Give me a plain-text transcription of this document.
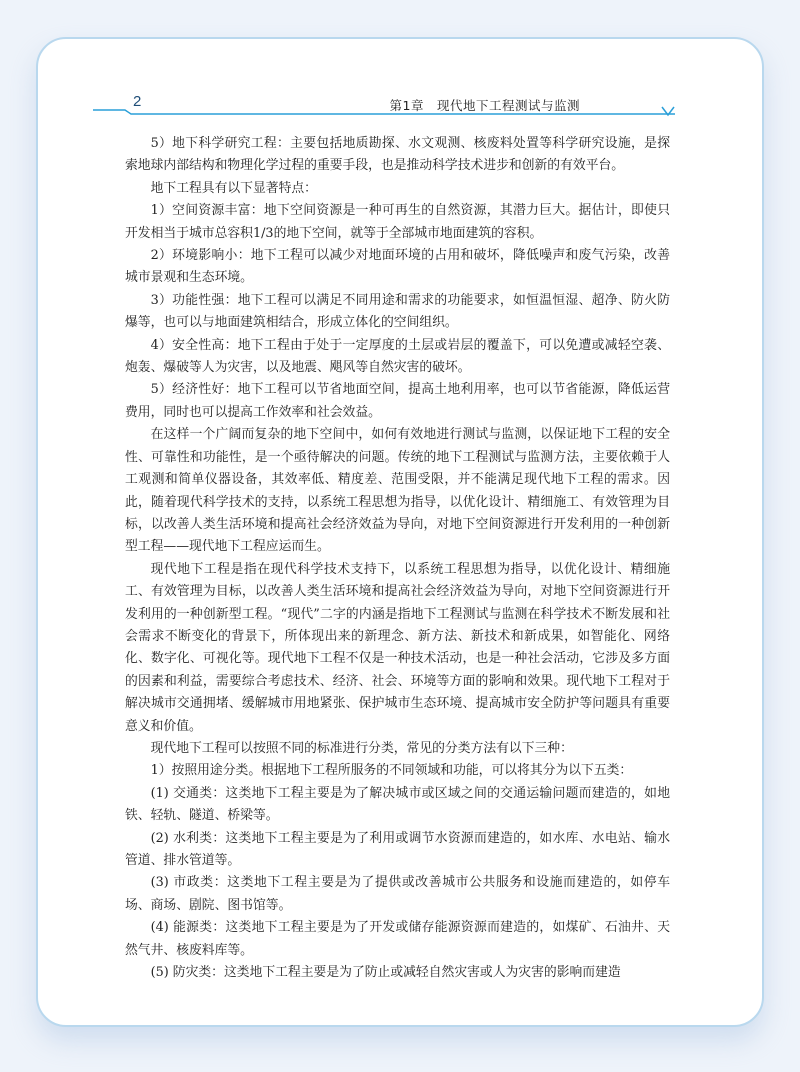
2	第1章　现代地下工程测试与监测

5）地下科学研究工程：主要包括地质勘探、水文观测、核废料处置等科学研究设施，是探索地球内部结构和物理化学过程的重要手段，也是推动科学技术进步和创新的有效平台。

地下工程具有以下显著特点：

1）空间资源丰富：地下空间资源是一种可再生的自然资源，其潜力巨大。据估计，即使只开发相当于城市总容积1/3的地下空间，就等于全部城市地面建筑的容积。

2）环境影响小：地下工程可以减少对地面环境的占用和破坏，降低噪声和废气污染，改善城市景观和生态环境。

3）功能性强：地下工程可以满足不同用途和需求的功能要求，如恒温恒湿、超净、防火防爆等，也可以与地面建筑相结合，形成立体化的空间组织。

4）安全性高：地下工程由于处于一定厚度的土层或岩层的覆盖下，可以免遭或减轻空袭、炮轰、爆破等人为灾害，以及地震、飓风等自然灾害的破坏。

5）经济性好：地下工程可以节省地面空间，提高土地利用率，也可以节省能源，降低运营费用，同时也可以提高工作效率和社会效益。

在这样一个广阔而复杂的地下空间中，如何有效地进行测试与监测，以保证地下工程的安全性、可靠性和功能性，是一个亟待解决的问题。传统的地下工程测试与监测方法，主要依赖于人工观测和简单仪器设备，其效率低、精度差、范围受限，并不能满足现代地下工程的需求。因此，随着现代科学技术的支持，以系统工程思想为指导，以优化设计、精细施工、有效管理为目标，以改善人类生活环境和提高社会经济效益为导向，对地下空间资源进行开发利用的一种创新型工程——现代地下工程应运而生。

现代地下工程是指在现代科学技术支持下，以系统工程思想为指导，以优化设计、精细施工、有效管理为目标，以改善人类生活环境和提高社会经济效益为导向，对地下空间资源进行开发利用的一种创新型工程。“现代”二字的内涵是指地下工程测试与监测在科学技术不断发展和社会需求不断变化的背景下，所体现出来的新理念、新方法、新技术和新成果，如智能化、网络化、数字化、可视化等。现代地下工程不仅是一种技术活动，也是一种社会活动，它涉及多方面的因素和利益，需要综合考虑技术、经济、社会、环境等方面的影响和效果。现代地下工程对于解决城市交通拥堵、缓解城市用地紧张、保护城市生态环境、提高城市安全防护等问题具有重要意义和价值。

现代地下工程可以按照不同的标准进行分类，常见的分类方法有以下三种：

1）按照用途分类。根据地下工程所服务的不同领域和功能，可以将其分为以下五类：

(1) 交通类：这类地下工程主要是为了解决城市或区域之间的交通运输问题而建造的，如地铁、轻轨、隧道、桥梁等。

(2) 水利类：这类地下工程主要是为了利用或调节水资源而建造的，如水库、水电站、输水管道、排水管道等。

(3) 市政类：这类地下工程主要是为了提供或改善城市公共服务和设施而建造的，如停车场、商场、剧院、图书馆等。

(4) 能源类：这类地下工程主要是为了开发或储存能源资源而建造的，如煤矿、石油井、天然气井、核废料库等。

(5) 防灾类：这类地下工程主要是为了防止或减轻自然灾害或人为灾害的影响而建造
